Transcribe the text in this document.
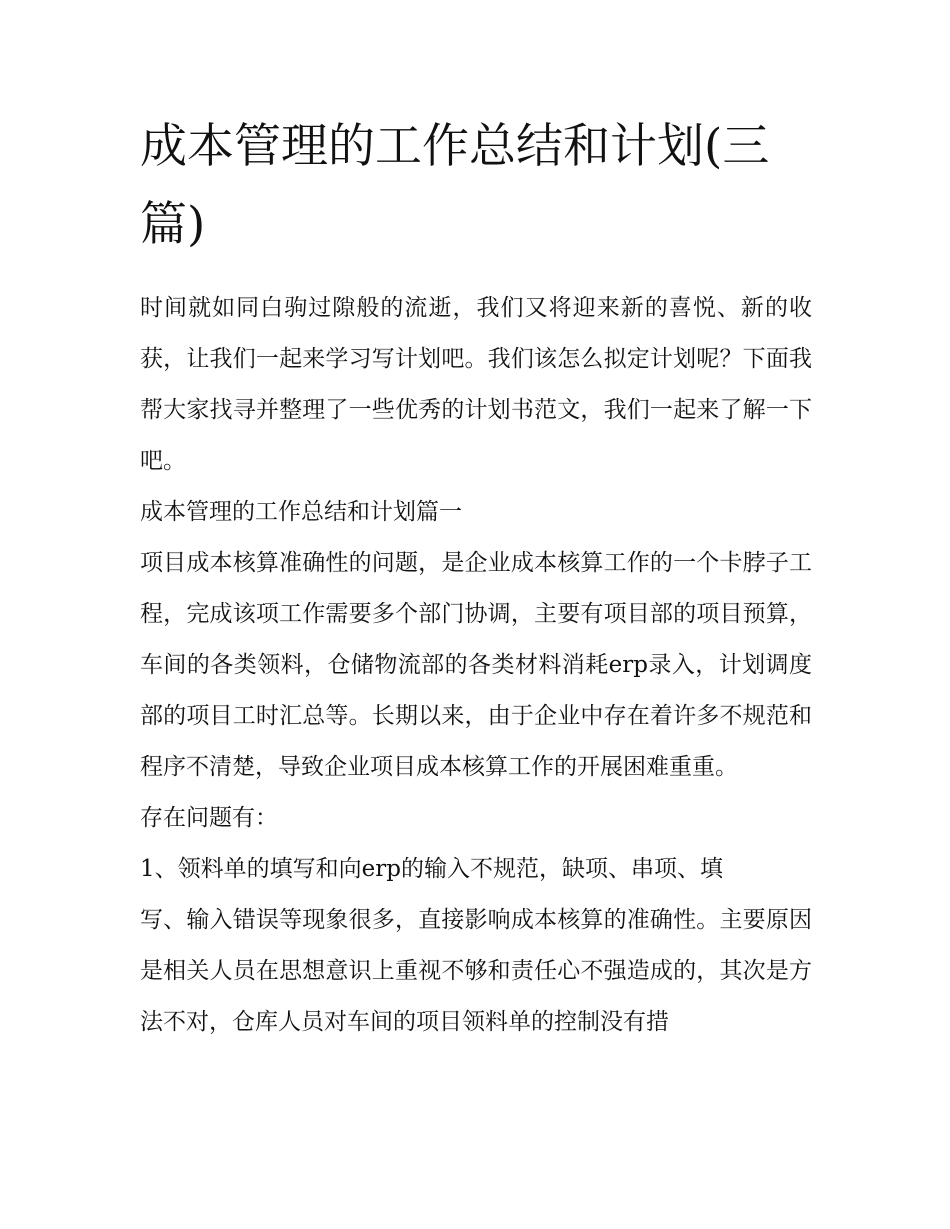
成本管理的工作总结和计划(三篇)

时间就如同白驹过隙般的流逝，我们又将迎来新的喜悦、新的收获，让我们一起来学习写计划吧。我们该怎么拟定计划呢？下面我帮大家找寻并整理了一些优秀的计划书范文，我们一起来了解一下吧。

成本管理的工作总结和计划篇一

项目成本核算准确性的问题，是企业成本核算工作的一个卡脖子工程，完成该项工作需要多个部门协调，主要有项目部的项目预算，车间的各类领料，仓储物流部的各类材料消耗erp录入，计划调度部的项目工时汇总等。长期以来，由于企业中存在着许多不规范和程序不清楚，导致企业项目成本核算工作的开展困难重重。

存在问题有：

1、领料单的填写和向erp的输入不规范，缺项、串项、填

写、输入错误等现象很多，直接影响成本核算的准确性。主要原因是相关人员在思想意识上重视不够和责任心不强造成的，其次是方法不对，仓库人员对车间的项目领料单的控制没有措
